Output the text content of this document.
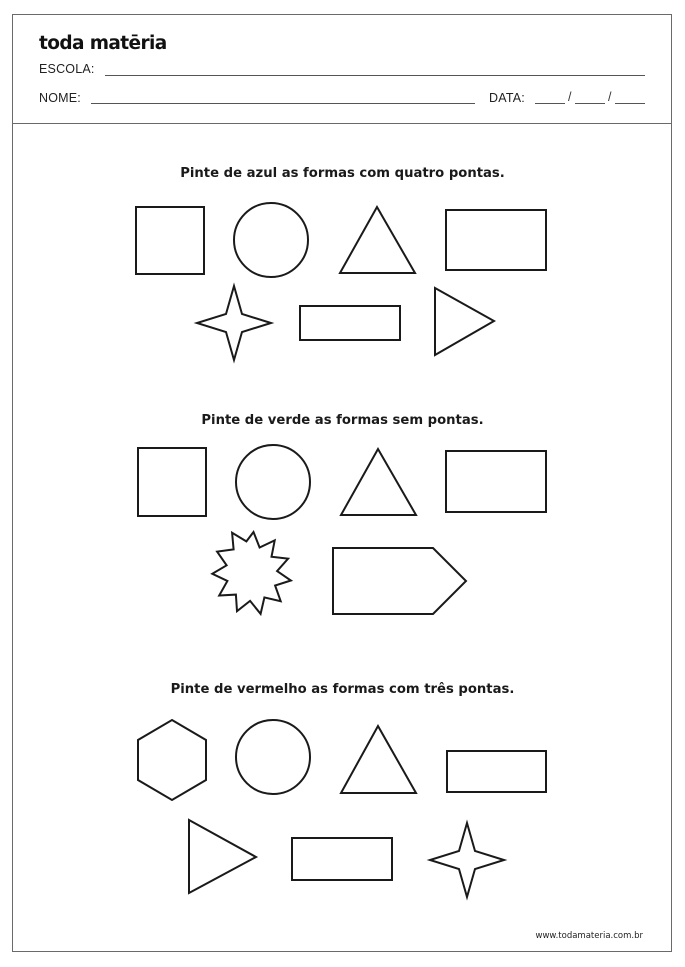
toda matēria
ESCOLA:
NOME:	DATA:	/	/
Pinte de azul as formas com quatro pontas.
Pinte de verde as formas sem pontas.
Pinte de vermelho as formas com três pontas.
www.todamateria.com.br
